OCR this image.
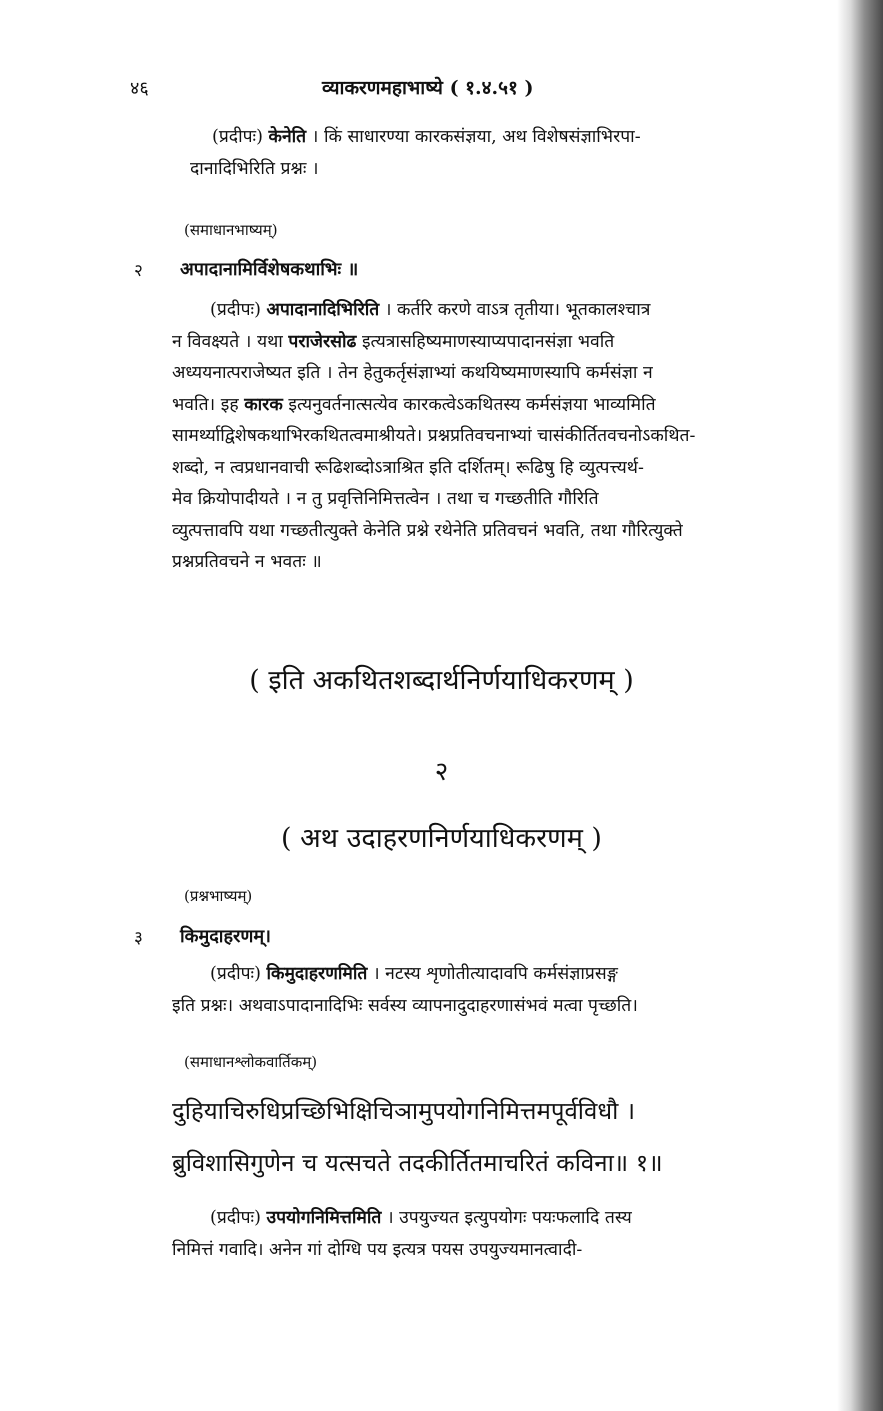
४६	व्याकरणमहाभाष्ये ( १.४.५१ )
(प्रदीपः) केनेति । किं साधारण्या कारकसंज्ञया, अथ विशेषसंज्ञाभिरपा-
दानादिभिरिति प्रश्नः ।
(समाधानभाष्यम्)
२ अपादानामिर्विशेषकथाभिः ॥
(प्रदीपः) अपादानादिभिरिति । कर्तरि करणे वाऽत्र तृतीया। भूतकालश्चात्र
न विवक्ष्यते । यथा पराजेरसोढ इत्यत्रासहिष्यमाणस्याप्यपादानसंज्ञा भवति
अध्ययनात्पराजेष्यत इति । तेन हेतुकर्तृसंज्ञाभ्यां कथयिष्यमाणस्यापि कर्मसंज्ञा न
भवति। इह कारक इत्यनुवर्तनात्सत्येव कारकत्वेऽकथितस्य कर्मसंज्ञया भाव्यमिति
सामर्थ्याद्विशेषकथाभिरकथितत्वमाश्रीयते। प्रश्नप्रतिवचनाभ्यां चासंकीर्तितवचनोऽकथित-
शब्दो, न त्वप्रधानवाची रूढिशब्दोऽत्राश्रित इति दर्शितम्। रूढिषु हि व्युत्पत्त्यर्थ-
मेव क्रियोपादीयते । न तु प्रवृत्तिनिमित्तत्वेन । तथा च गच्छतीति गौरिति
व्युत्पत्तावपि यथा गच्छतीत्युक्ते केनेति प्रश्ने रथेनेति प्रतिवचनं भवति, तथा गौरित्युक्ते
प्रश्नप्रतिवचने न भवतः ॥
( इति अकथितशब्दार्थनिर्णयाधिकरणम् )
२
( अथ उदाहरणनिर्णयाधिकरणम् )
(प्रश्नभाष्यम्)
३ किमुदाहरणम्।
(प्रदीपः) किमुदाहरणमिति । नटस्य शृणोतीत्यादावपि कर्मसंज्ञाप्रसङ्ग
इति प्रश्नः। अथवाऽपादानादिभिः सर्वस्य व्यापनादुदाहरणासंभवं मत्वा पृच्छति।
(समाधानश्लोकवार्तिकम्)
दुहियाचिरुधिप्रच्छिभिक्षिचिञामुपयोगनिमित्तमपूर्वविधौ ।
ब्रुविशासिगुणेन च यत्सचते तदकीर्तितमाचरितं कविना॥ १॥
(प्रदीपः) उपयोगनिमित्तमिति । उपयुज्यत इत्युपयोगः पयःफलादि तस्य
निमित्तं गवादि। अनेन गां दोग्धि पय इत्यत्र पयस उपयुज्यमानत्वादी-
